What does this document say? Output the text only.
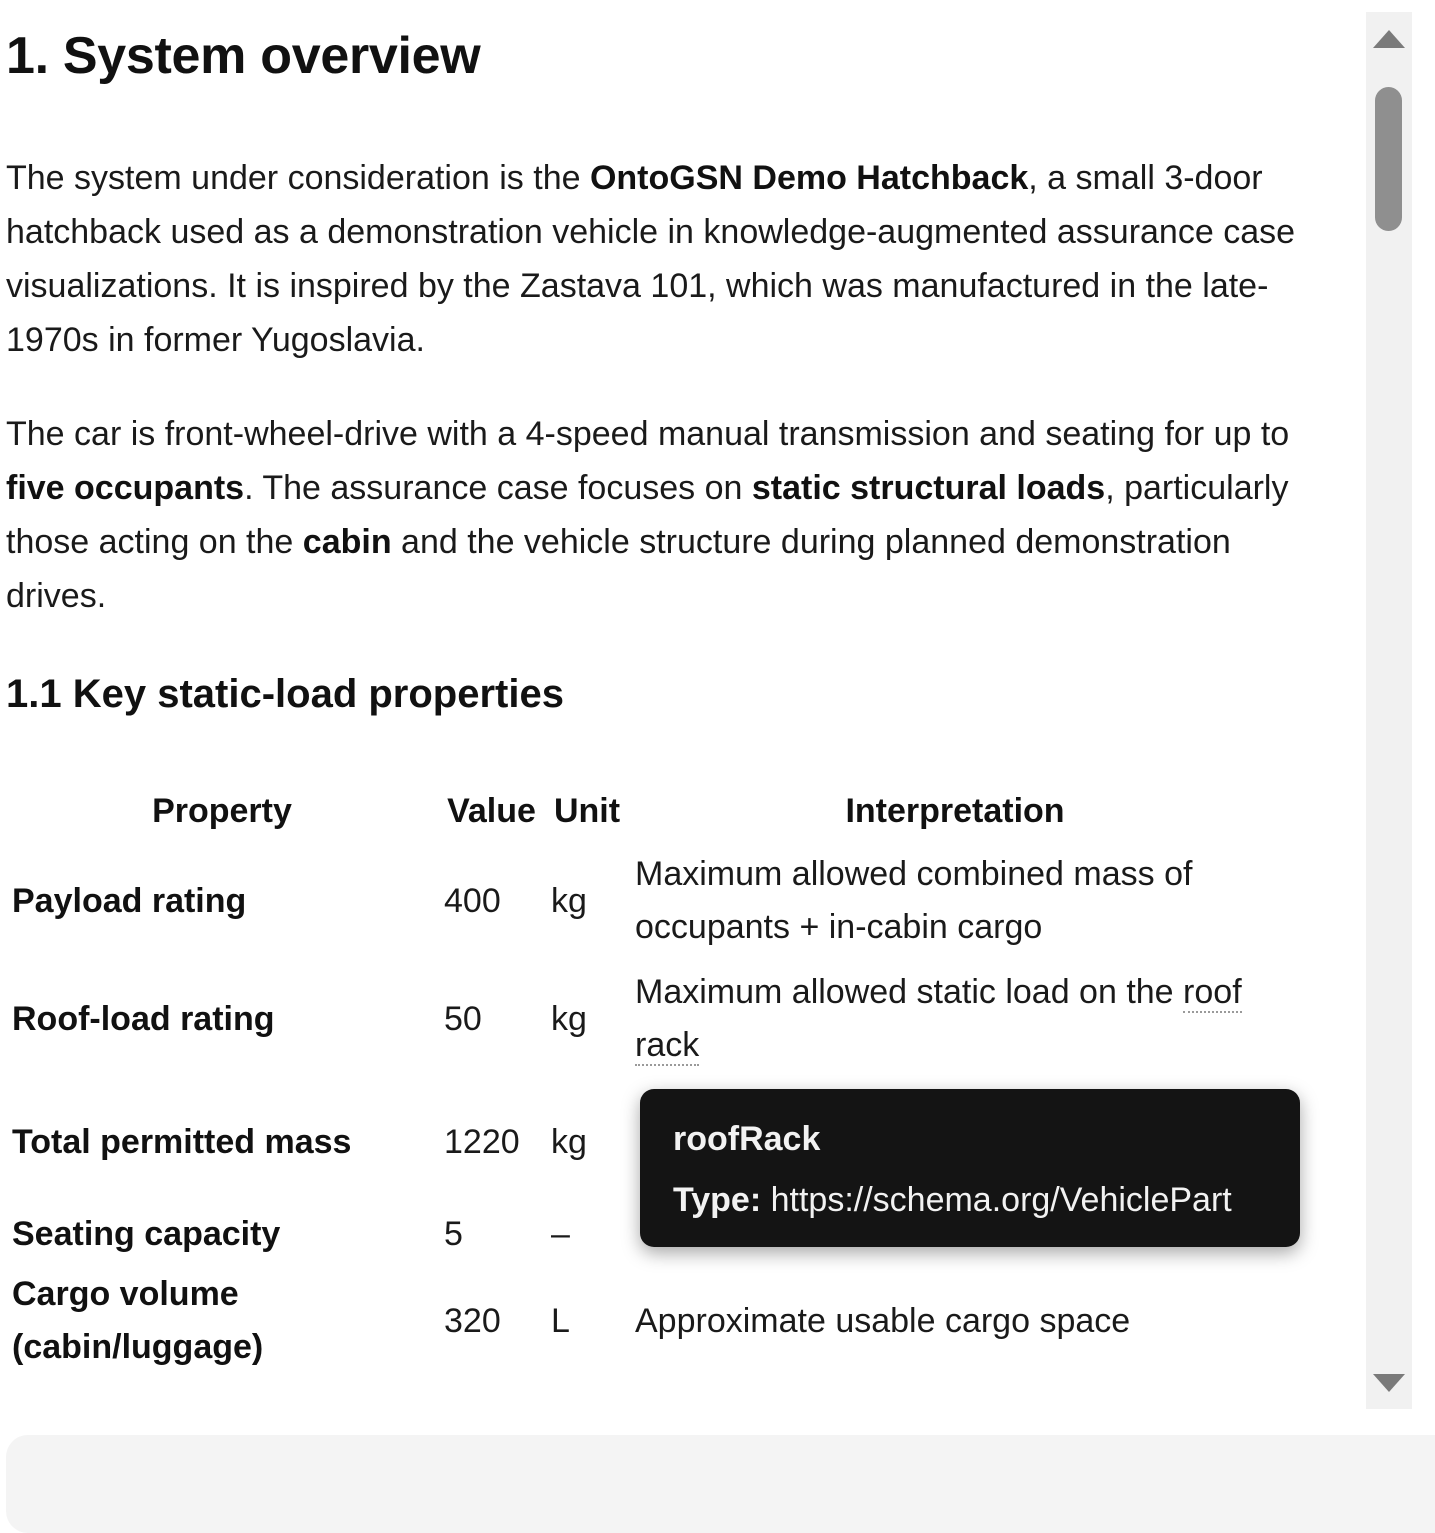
1. System overview

The system under consideration is the OntoGSN Demo Hatchback, a small 3-door hatchback used as a demonstration vehicle in knowledge-augmented assurance case visualizations. It is inspired by the Zastava 101, which was manufactured in the late-1970s in former Yugoslavia.

The car is front-wheel-drive with a 4-speed manual transmission and seating for up to five occupants. The assurance case focuses on static structural loads, particularly those acting on the cabin and the vehicle structure during planned demonstration drives.

1.1 Key static-load properties
Property	Value	Unit	Interpretation
Payload rating	400	kg	Maximum allowed combined mass of occupants + in-cabin cargo
Roof-load rating	50	kg	Maximum allowed static load on the roof rack
Total permitted mass	1220	kg	
Seating capacity	5	–	
Cargo volume (cabin/luggage)	320	L	Approximate usable cargo space
roofRack
Type: https://schema.org/VehiclePart
